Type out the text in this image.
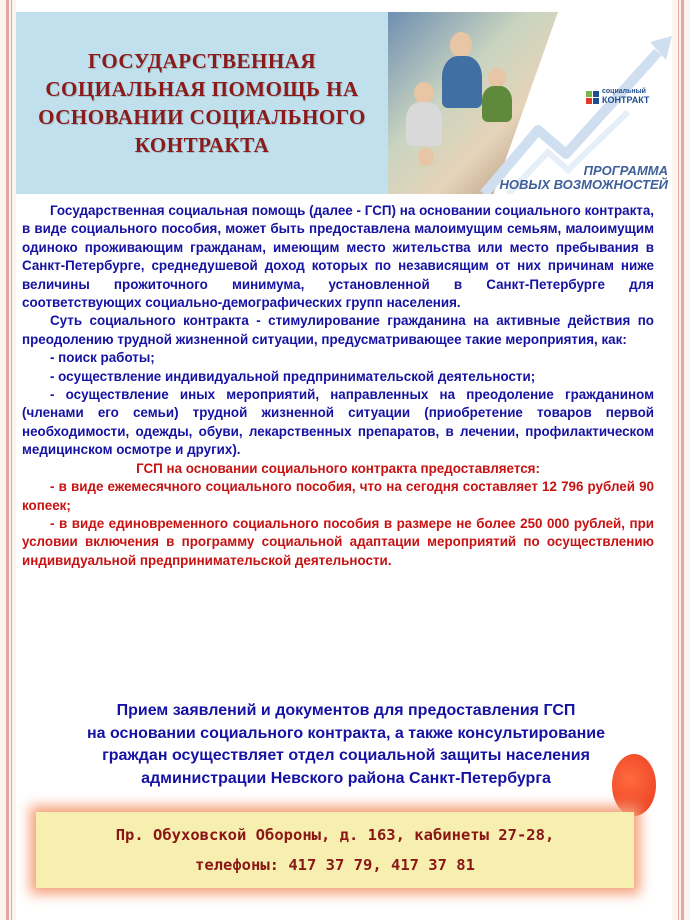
ГОСУДАРСТВЕННАЯ СОЦИАЛЬНАЯ ПОМОЩЬ НА ОСНОВАНИИ СОЦИАЛЬНОГО КОНТРАКТА
социальный
КОНТРАКТ
ПРОГРАММА
НОВЫХ ВОЗМОЖНОСТЕЙ

Государственная социальная помощь (далее - ГСП) на основании социального контракта, в виде социального пособия, может быть предоставлена малоимущим семьям, малоимущим одиноко проживающим гражданам, имеющим место жительства или место пребывания в Санкт-Петербурге, среднедушевой доход которых по независящим от них причинам ниже величины прожиточного минимума, установленной в Санкт-Петербурге для соответствующих социально-демографических групп населения.

Суть социального контракта - стимулирование гражданина на активные действия по преодолению трудной жизненной ситуации, предусматривающее такие мероприятия, как:

- поиск работы;

- осуществление индивидуальной предпринимательской деятельности;

- осуществление иных мероприятий, направленных на преодоление гражданином (членами его семьи) трудной жизненной ситуации (приобретение товаров первой необходимости, одежды, обуви, лекарственных препаратов, в лечении, профилактическом медицинском осмотре и других).

ГСП на основании социального контракта предоставляется:

- в виде ежемесячного социального пособия, что на сегодня составляет 12 796 рублей 90 копеек;

- в виде единовременного социального пособия в размере не более 250 000 рублей, при условии включения в программу социальной адаптации мероприятий по осуществлению индивидуальной предпринимательской деятельности.

Прием заявлений и документов для предоставления ГСП
на основании социального контракта, а также консультирование
граждан осуществляет отдел социальной защиты населения
администрации Невского района Санкт-Петербурга
Пр. Обуховской Обороны, д. 163, кабинеты 27-28,
телефоны: 417 37 79, 417 37 81
